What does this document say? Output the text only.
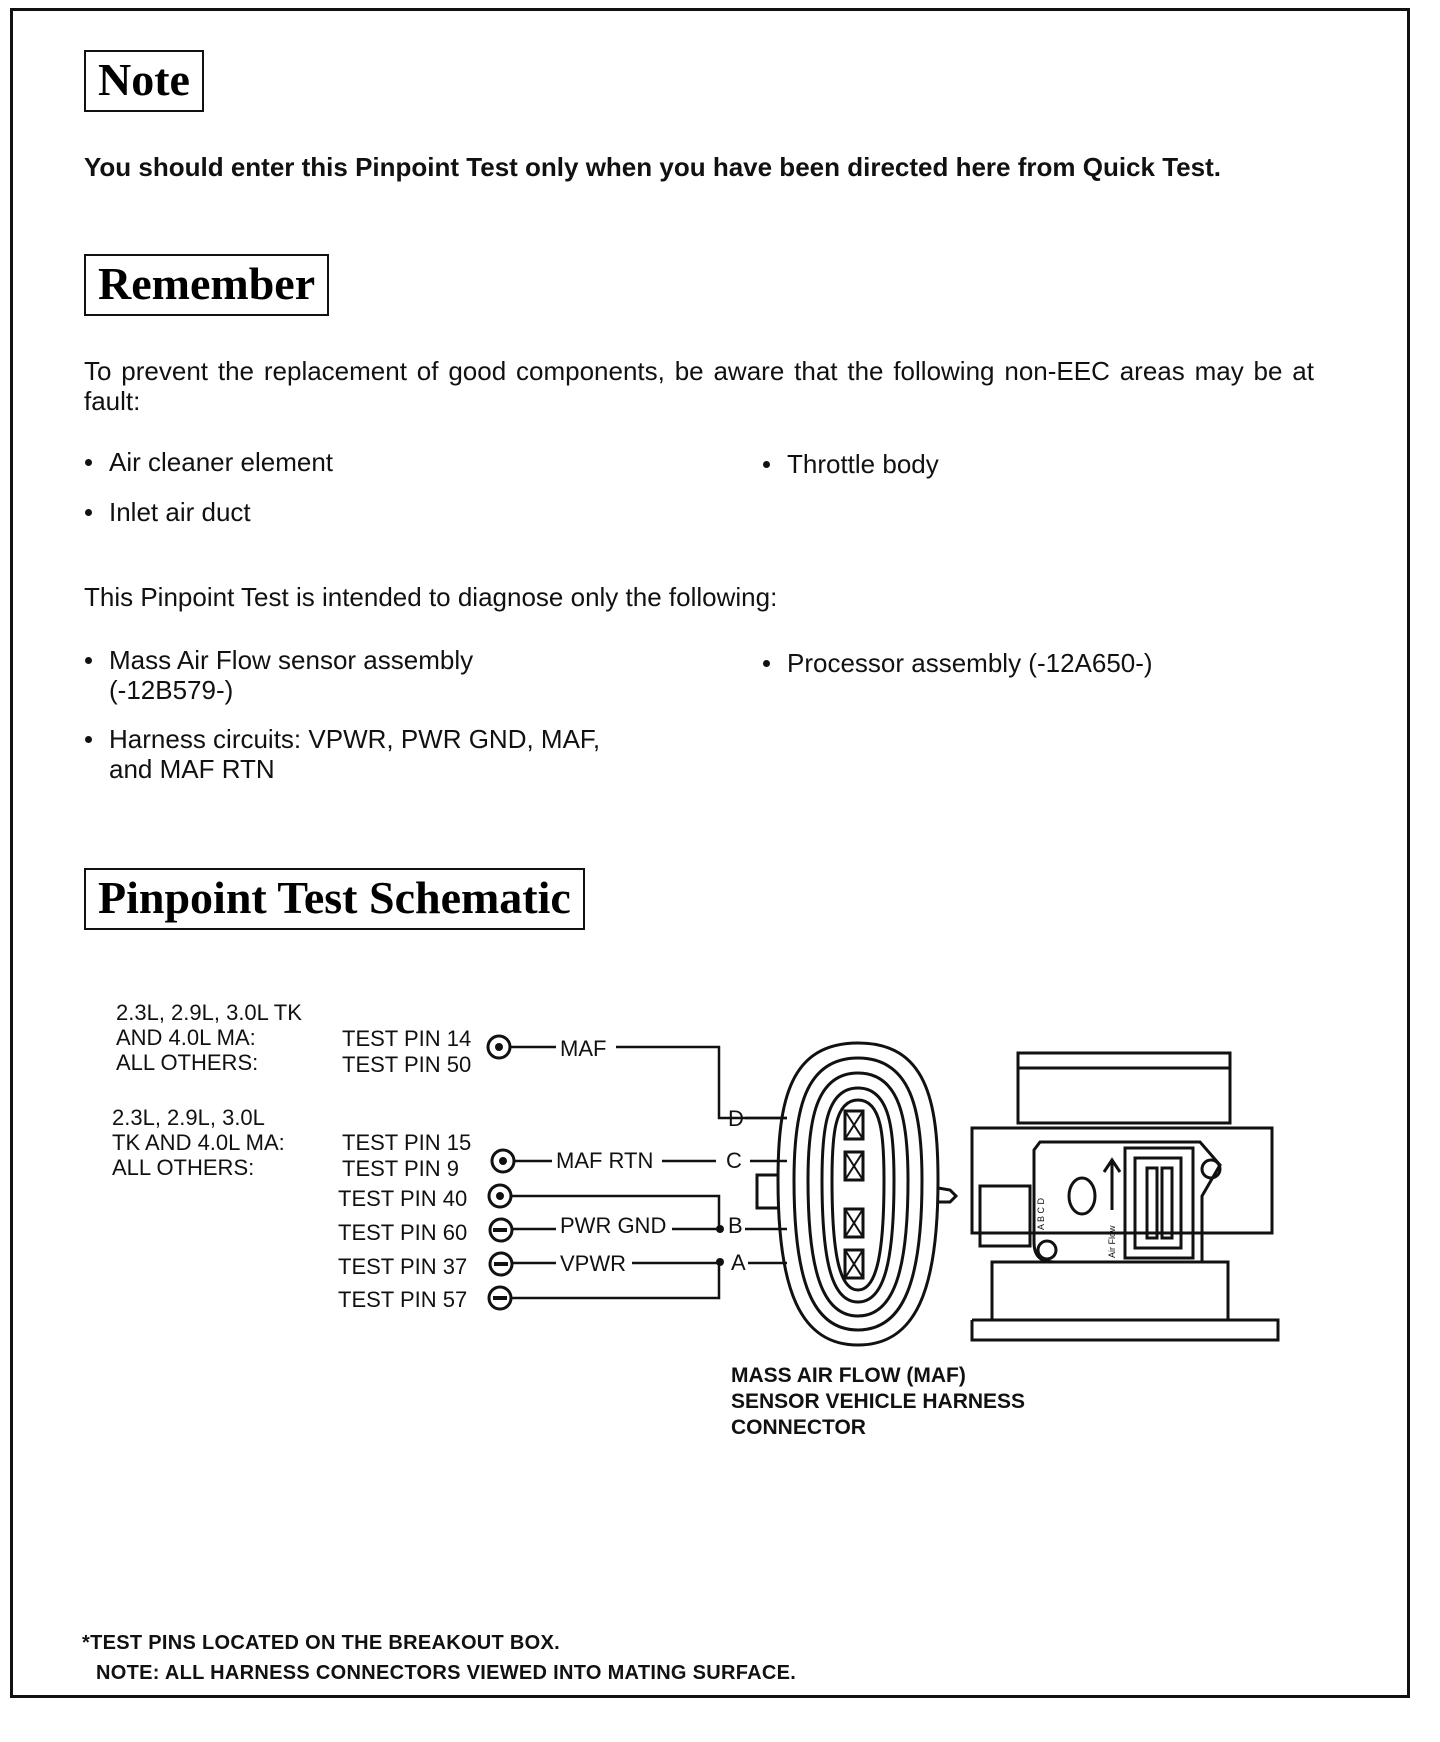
Note
You should enter this Pinpoint Test only when you have been directed here from Quick Test.
Remember
To prevent the replacement of good components, be aware that the following non-EEC areas may be at fault:
Air cleaner element
Inlet air duct
Throttle body
This Pinpoint Test is intended to diagnose only the following:
Mass Air Flow sensor assembly (-12B579-)
Harness circuits: VPWR, PWR GND, MAF, and MAF RTN
Processor assembly (-12A650-)
Pinpoint Test Schematic
2.3L, 2.9L, 3.0L TK
AND 4.0L MA:
ALL OTHERS:
TEST PIN 14
TEST PIN 50
2.3L, 2.9L, 3.0L
TK AND 4.0L MA:
ALL OTHERS:
TEST PIN 15
TEST PIN 9
TEST PIN 40
TEST PIN 60
TEST PIN 37
TEST PIN 57
MAF
MAF RTN
PWR GND
VPWR
D
C
B
A
A B C D
Air Flow
MASS AIR FLOW (MAF)
SENSOR VEHICLE HARNESS
CONNECTOR
*TEST PINS LOCATED ON THE BREAKOUT BOX.
NOTE: ALL HARNESS CONNECTORS VIEWED INTO MATING SURFACE.
